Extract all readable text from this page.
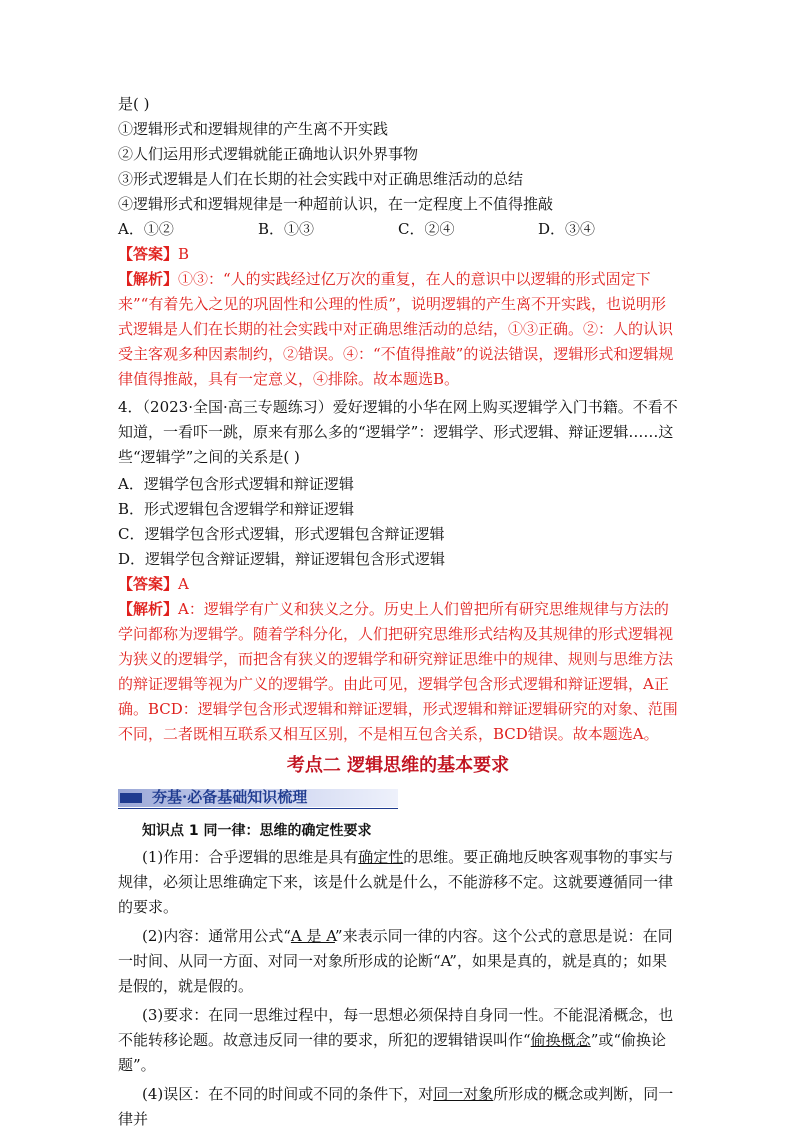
是( )

①逻辑形式和逻辑规律的产生离不开实践

②人们运用形式逻辑就能正确地认识外界事物

③形式逻辑是人们在长期的社会实践中对正确思维活动的总结

④逻辑形式和逻辑规律是一种超前认识，在一定程度上不值得推敲

A．①②	B．①③	C．②④	D．③④

【答案】B

【解析】①③：“人的实践经过亿万次的重复，在人的意识中以逻辑的形式固定下来”“有着先入之见的巩固性和公理的性质”，说明逻辑的产生离不开实践，也说明形式逻辑是人们在长期的社会实践中对正确思维活动的总结，①③正确。②：人的认识受主客观多种因素制约，②错误。④：“不值得推敲”的说法错误，逻辑形式和逻辑规律值得推敲，具有一定意义，④排除。故本题选B。

4．（2023·全国·高三专题练习）爱好逻辑的小华在网上购买逻辑学入门书籍。不看不知道，一看吓一跳，原来有那么多的“逻辑学”：逻辑学、形式逻辑、辩证逻辑……这些“逻辑学”之间的关系是( )

A．逻辑学包含形式逻辑和辩证逻辑

B．形式逻辑包含逻辑学和辩证逻辑

C．逻辑学包含形式逻辑，形式逻辑包含辩证逻辑

D．逻辑学包含辩证逻辑，辩证逻辑包含形式逻辑

【答案】A

【解析】A：逻辑学有广义和狭义之分。历史上人们曾把所有研究思维规律与方法的学问都称为逻辑学。随着学科分化，人们把研究思维形式结构及其规律的形式逻辑视为狭义的逻辑学，而把含有狭义的逻辑学和研究辩证思维中的规律、规则与思维方法的辩证逻辑等视为广义的逻辑学。由此可见，逻辑学包含形式逻辑和辩证逻辑，A正确。BCD：逻辑学包含形式逻辑和辩证逻辑，形式逻辑和辩证逻辑研究的对象、范围不同，二者既相互联系又相互区别，不是相互包含关系，BCD错误。故本题选A。

考点二 逻辑思维的基本要求

夯基·必备基础知识梳理

知识点 1 同一律：思维的确定性要求

(1)作用：合乎逻辑的思维是具有确定性的思维。要正确地反映客观事物的事实与规律，必须让思维确定下来，该是什么就是什么，不能游移不定。这就要遵循同一律的要求。

(2)内容：通常用公式“A 是 A”来表示同一律的内容。这个公式的意思是说：在同一时间、从同一方面、对同一对象所形成的论断“A”，如果是真的，就是真的；如果是假的，就是假的。

(3)要求：在同一思维过程中，每一思想必须保持自身同一性。不能混淆概念，也不能转移论题。故意违反同一律的要求，所犯的逻辑错误叫作“偷换概念”或“偷换论题”。

(4)误区：在不同的时间或不同的条件下，对同一对象所形成的概念或判断，同一律并
